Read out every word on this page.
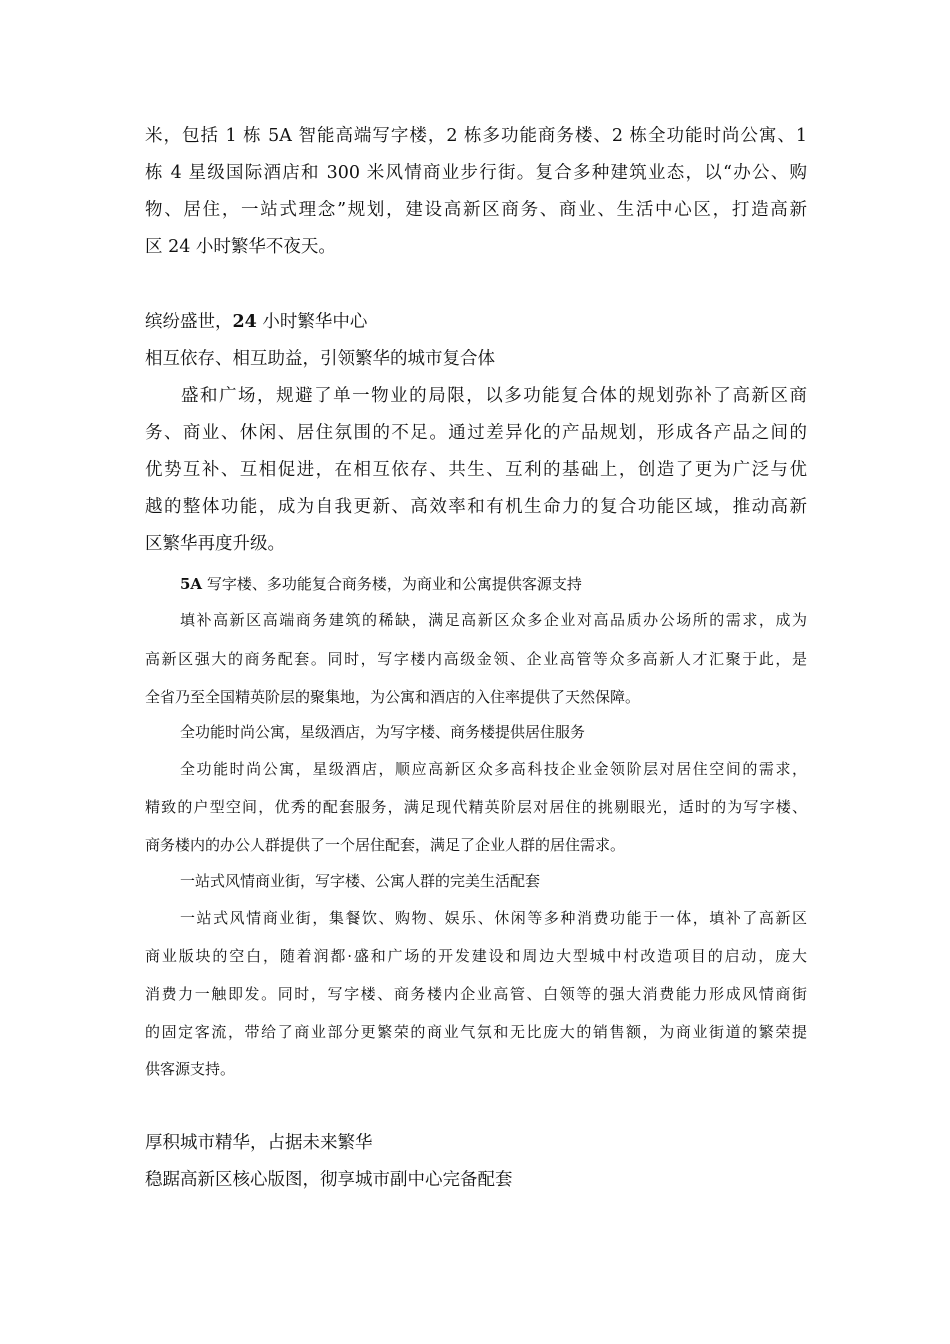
米，包括 1 栋 5A 智能高端写字楼，2 栋多功能商务楼、2 栋全功能时尚公寓、1

栋 4 星级国际酒店和 300 米风情商业步行街。复合多种建筑业态，以“办公、购

物、居住，一站式理念”规划，建设高新区商务、商业、生活中心区，打造高新

区 24 小时繁华不夜天。

缤纷盛世，24 小时繁华中心

相互依存、相互助益，引领繁华的城市复合体

盛和广场，规避了单一物业的局限，以多功能复合体的规划弥补了高新区商

务、商业、休闲、居住氛围的不足。通过差异化的产品规划，形成各产品之间的

优势互补、互相促进，在相互依存、共生、互利的基础上，创造了更为广泛与优

越的整体功能，成为自我更新、高效率和有机生命力的复合功能区域，推动高新

区繁华再度升级。

5A 写字楼、多功能复合商务楼，为商业和公寓提供客源支持

填补高新区高端商务建筑的稀缺，满足高新区众多企业对高品质办公场所的需求，成为

高新区强大的商务配套。同时，写字楼内高级金领、企业高管等众多高新人才汇聚于此，是

全省乃至全国精英阶层的聚集地，为公寓和酒店的入住率提供了天然保障。

全功能时尚公寓，星级酒店，为写字楼、商务楼提供居住服务

全功能时尚公寓，星级酒店，顺应高新区众多高科技企业金领阶层对居住空间的需求，

精致的户型空间，优秀的配套服务，满足现代精英阶层对居住的挑剔眼光，适时的为写字楼、

商务楼内的办公人群提供了一个居住配套，满足了企业人群的居住需求。

一站式风情商业街，写字楼、公寓人群的完美生活配套

一站式风情商业街，集餐饮、购物、娱乐、休闲等多种消费功能于一体，填补了高新区

商业版块的空白，随着润都·盛和广场的开发建设和周边大型城中村改造项目的启动，庞大

消费力一触即发。同时，写字楼、商务楼内企业高管、白领等的强大消费能力形成风情商街

的固定客流，带给了商业部分更繁荣的商业气氛和无比庞大的销售额，为商业街道的繁荣提

供客源支持。

厚积城市精华，占据未来繁华

稳踞高新区核心版图，彻享城市副中心完备配套
